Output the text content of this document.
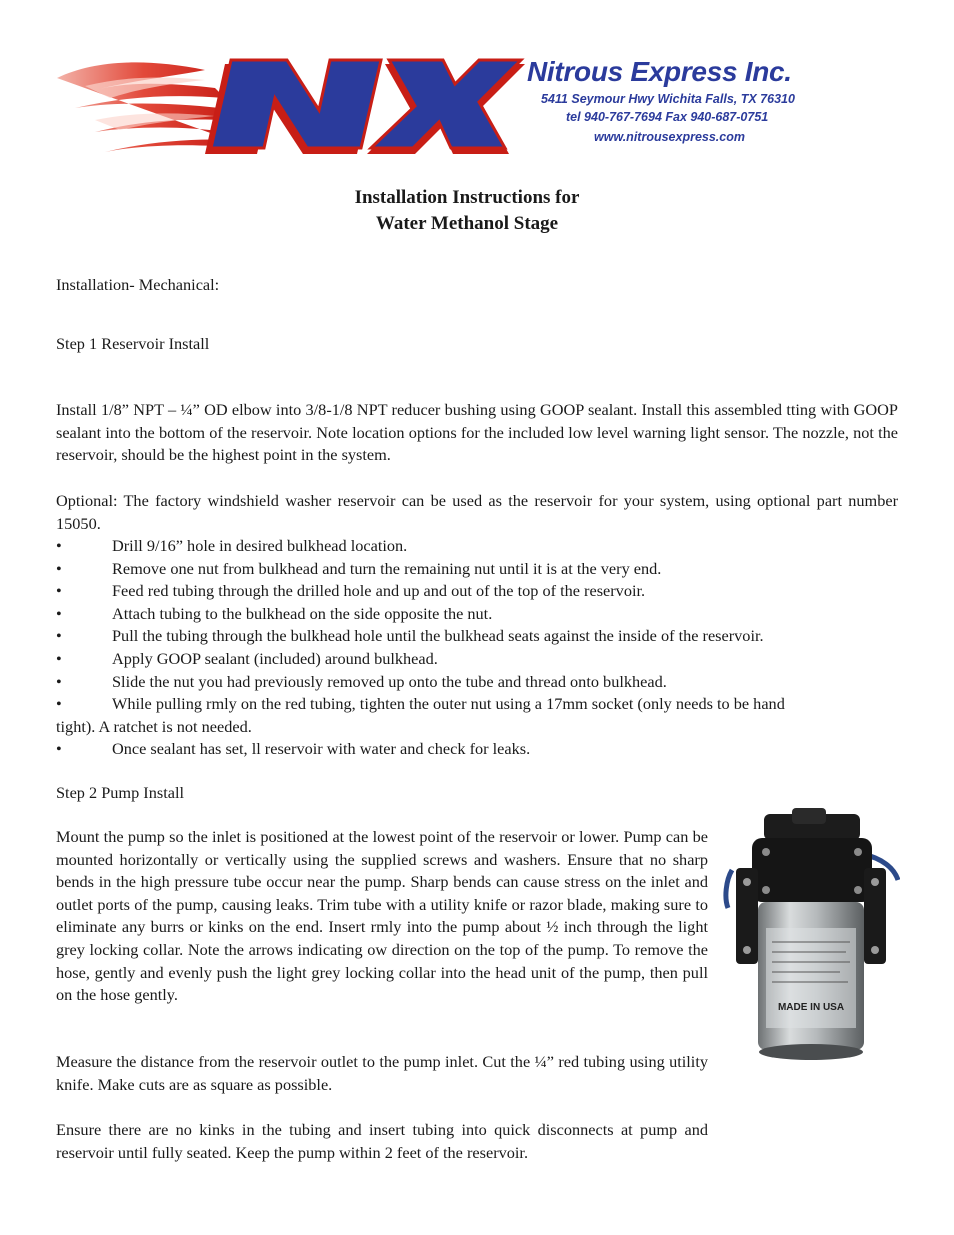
NX
Nitrous Express Inc.
5411 Seymour Hwy Wichita Falls, TX 76310
tel 940-767-7694 Fax 940-687-0751
www.nitrousexpress.com
Installation Instructions for
Water Methanol Stage
Installation- Mechanical:
Step 1 Reservoir Install
Install 1/8” NPT – ¼” OD elbow into 3/8-1/8 NPT reducer bushing using GOOP sealant. Install this assembled tting with GOOP sealant into the bottom of the reservoir. Note location options for the included low level warning light sensor. The nozzle, not the reservoir, should be the highest point in the system.
Optional: The factory windshield washer reservoir can be used as the reservoir for your system, using optional part number 15050.
•	Drill 9/16” hole in desired bulkhead location.
•	Remove one nut from bulkhead and turn the remaining nut until it is at the very end.
•	Feed red tubing through the drilled hole and up and out of the top of the reservoir.
•	Attach tubing to the bulkhead on the side opposite the nut.
•	Pull the tubing through the bulkhead hole until the bulkhead seats against the inside of the reservoir.
•	Apply GOOP sealant (included) around bulkhead.
•	Slide the nut you had previously removed up onto the tube and thread onto bulkhead.
•	While pulling rmly on the red tubing, tighten the outer nut using a 17mm socket (only needs to be hand
tight). A ratchet is not needed.
•	Once sealant has set, ll reservoir with water and check for leaks.
Step 2 Pump Install
Mount the pump so the inlet is positioned at the lowest point of the reservoir or lower. Pump can be mounted horizontally or vertically using the supplied screws and washers. Ensure that no sharp bends in the high pressure tube occur near the pump. Sharp bends can cause stress on the inlet and outlet ports of the pump, causing leaks. Trim tube with a utility knife or razor blade, making sure to eliminate any burrs or kinks on the end. Insert rmly into the pump about ½ inch through the light grey locking collar. Note the arrows indicating ow direction on the top of the pump. To remove the hose, gently and evenly push the light grey locking collar into the head unit of the pump, then pull on the hose gently.
Measure the distance from the reservoir outlet to the pump inlet. Cut the ¼” red tubing using utility knife. Make cuts are as square as possible.
Ensure there are no kinks in the tubing and insert tubing into quick disconnects at pump and reservoir until fully seated. Keep the pump within 2 feet of the reservoir.
MADE IN USA
